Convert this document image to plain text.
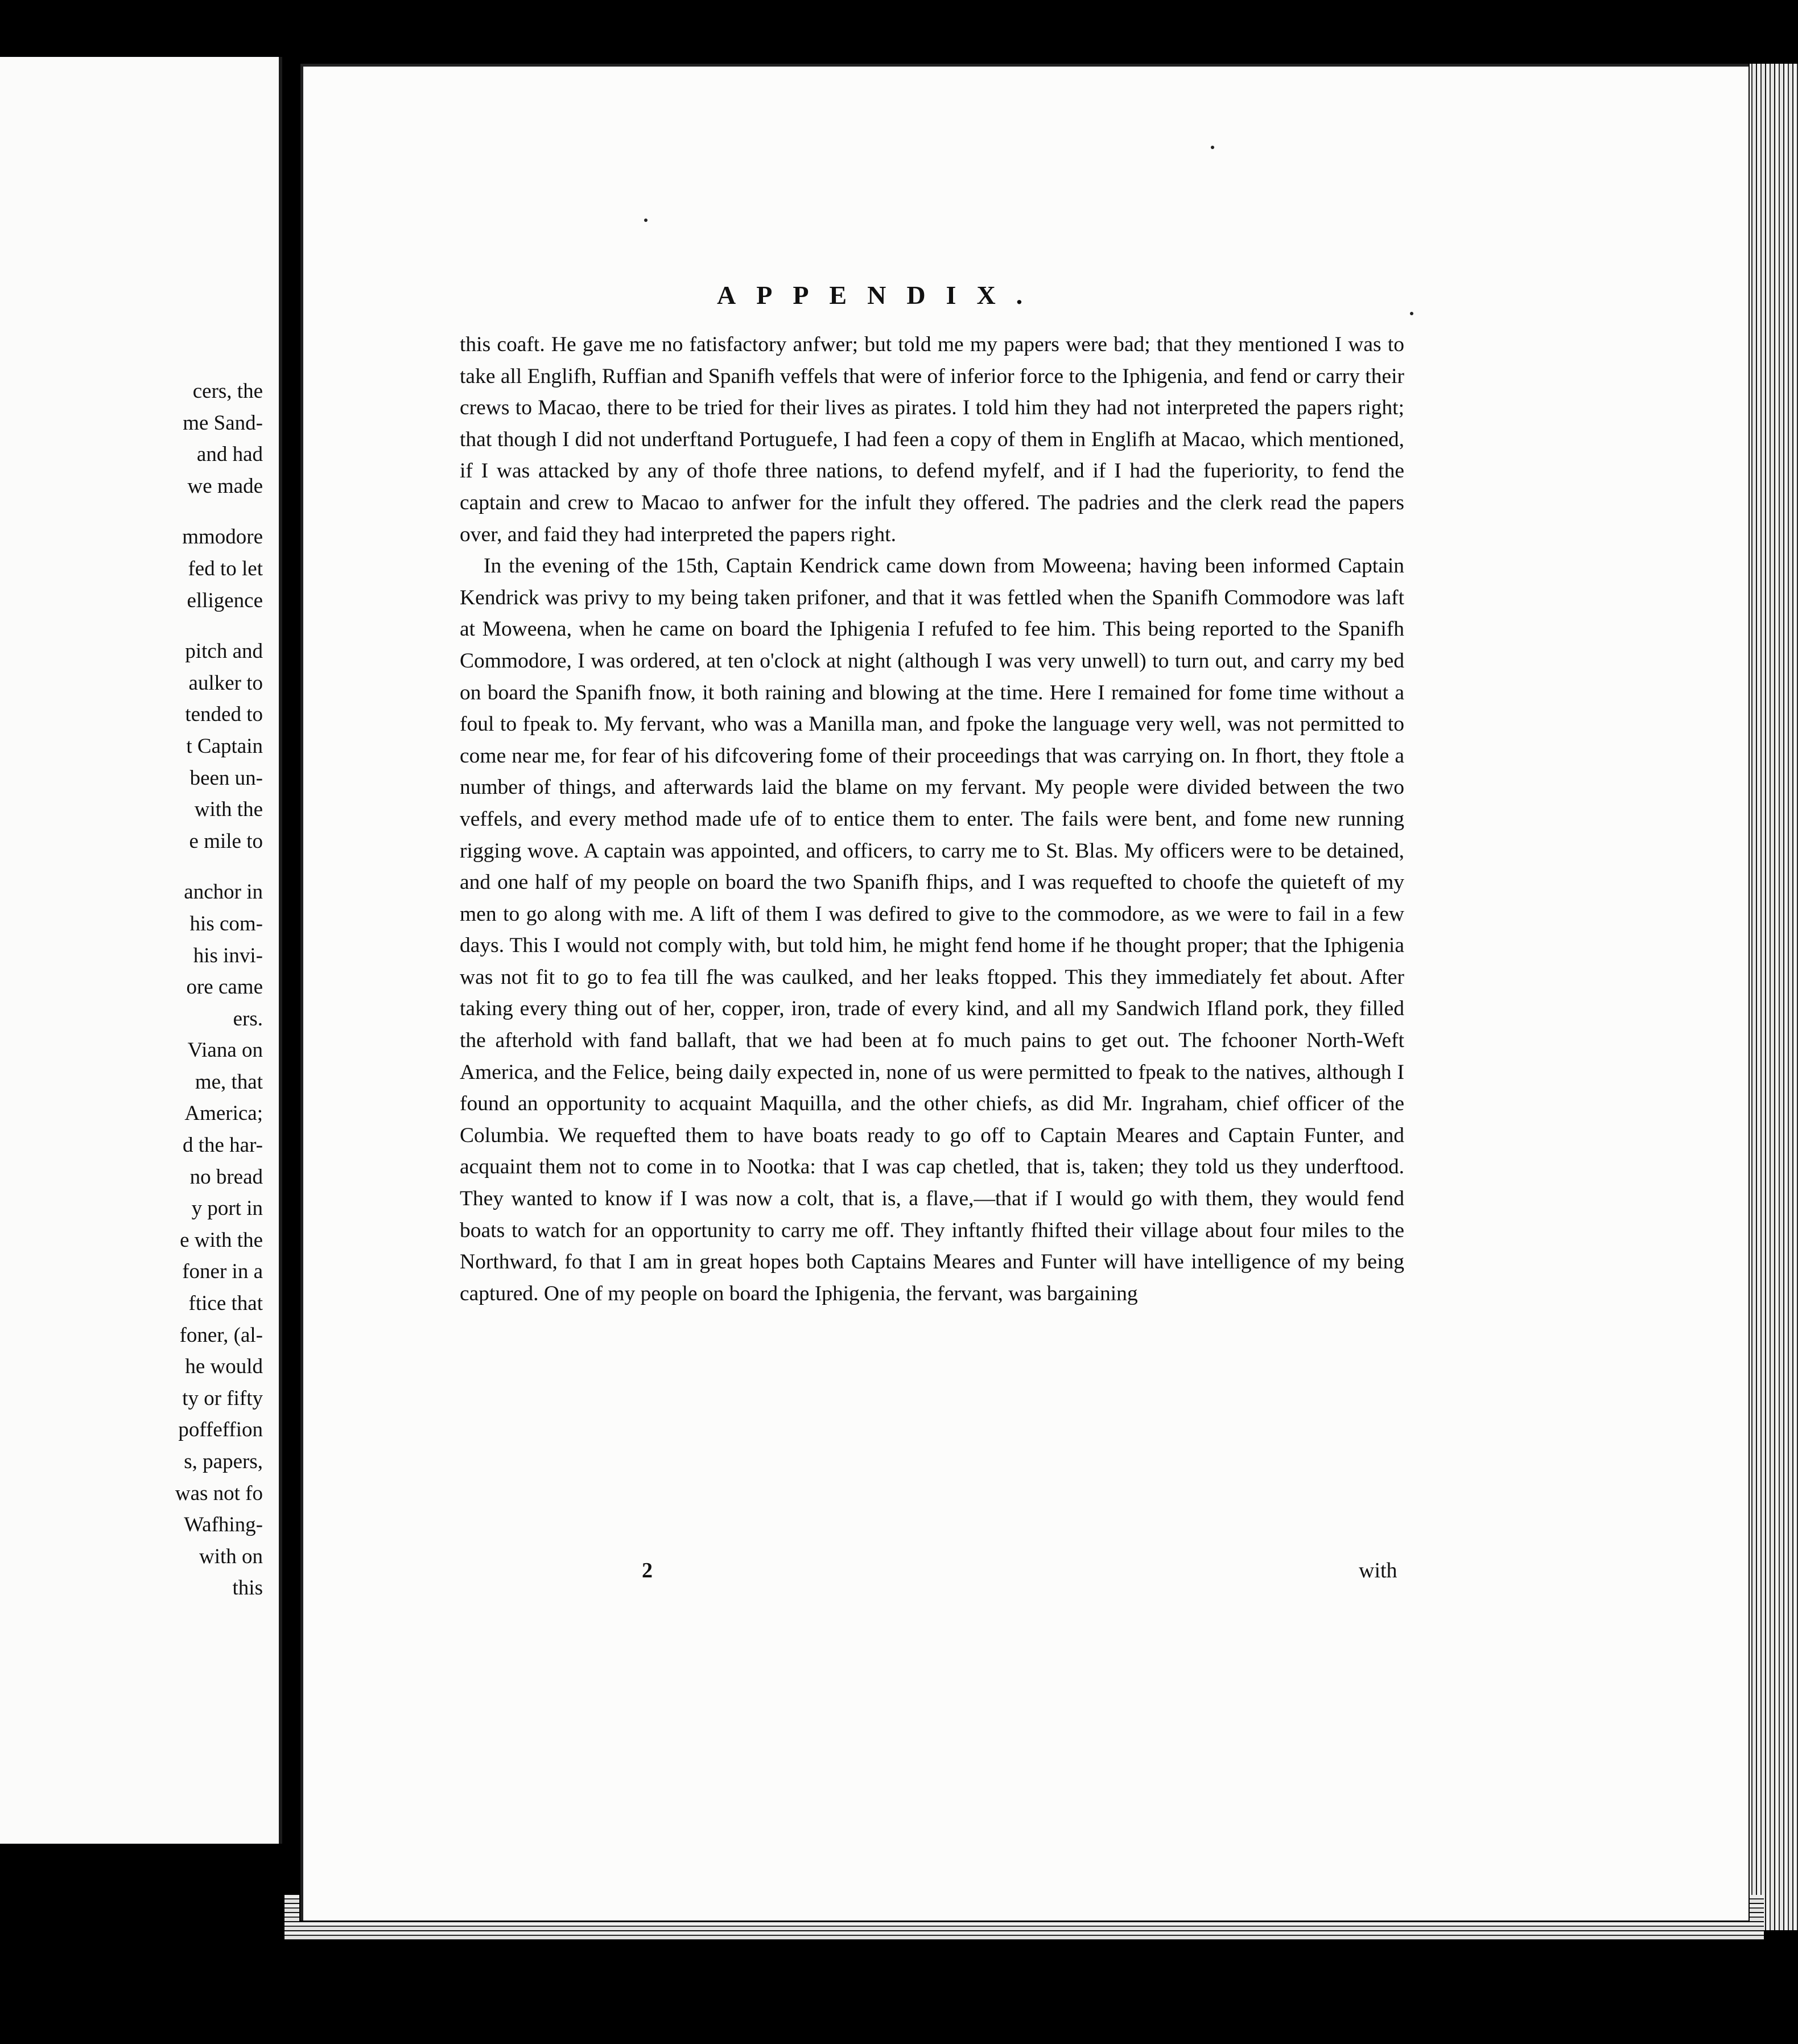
cers, the
me Sand-
and had
we made
mmodore
fed to let
elligence
pitch and
aulker to
tended to
t Captain
been un-
with the
e mile to
anchor in
his com-
his invi-
ore came
ers.
Viana on
me, that
America;
d the har-
no bread
y port in
e with the
foner in a
ftice that
foner, (al-
he would
ty or fifty
poffeffion
s, papers,
was not fo
Wafhing-
with on
this
APPENDIX.

this coaft. He gave me no fatisfactory anfwer; but told me my papers were bad; that they mentioned I was to take all Englifh, Ruffian and Spanifh veffels that were of inferior force to the Iphigenia, and fend or carry their crews to Macao, there to be tried for their lives as pirates. I told him they had not interpreted the papers right; that though I did not underftand Portuguefe, I had feen a copy of them in Englifh at Macao, which mentioned, if I was attacked by any of thofe three nations, to defend myfelf, and if I had the fuperiority, to fend the captain and crew to Macao to anfwer for the infult they offered. The padries and the clerk read the papers over, and faid they had interpreted the papers right.

In the evening of the 15th, Captain Kendrick came down from Moweena; having been informed Captain Kendrick was privy to my being taken prifoner, and that it was fettled when the Spanifh Commodore was laft at Moweena, when he came on board the Iphigenia I refufed to fee him. This being reported to the Spanifh Commodore, I was ordered, at ten o'clock at night (although I was very unwell) to turn out, and carry my bed on board the Spanifh fnow, it both raining and blowing at the time. Here I remained for fome time without a foul to fpeak to. My fervant, who was a Manilla man, and fpoke the language very well, was not permitted to come near me, for fear of his difcovering fome of their proceedings that was carrying on. In fhort, they ftole a number of things, and afterwards laid the blame on my fervant. My people were divided between the two veffels, and every method made ufe of to entice them to enter. The fails were bent, and fome new running rigging wove. A captain was appointed, and officers, to carry me to St. Blas. My officers were to be detained, and one half of my people on board the two Spanifh fhips, and I was requefted to choofe the quieteft of my men to go along with me. A lift of them I was defired to give to the commodore, as we were to fail in a few days. This I would not comply with, but told him, he might fend home if he thought proper; that the Iphigenia was not fit to go to fea till fhe was caulked, and her leaks ftopped. This they immediately fet about. After taking every thing out of her, copper, iron, trade of every kind, and all my Sandwich Ifland pork, they filled the afterhold with fand ballaft, that we had been at fo much pains to get out. The fchooner North-Weft America, and the Felice, being daily expected in, none of us were permitted to fpeak to the natives, although I found an opportunity to acquaint Maquilla, and the other chiefs, as did Mr. Ingraham, chief officer of the Columbia. We requefted them to have boats ready to go off to Captain Meares and Captain Funter, and acquaint them not to come in to Nootka: that I was cap chetled, that is, taken; they told us they underftood. They wanted to know if I was now a colt, that is, a flave,—that if I would go with them, they would fend boats to watch for an opportunity to carry me off. They inftantly fhifted their village about four miles to the Northward, fo that I am in great hopes both Captains Meares and Funter will have intelligence of my being captured. One of my people on board the Iphigenia, the fervant, was bargaining

2	with
